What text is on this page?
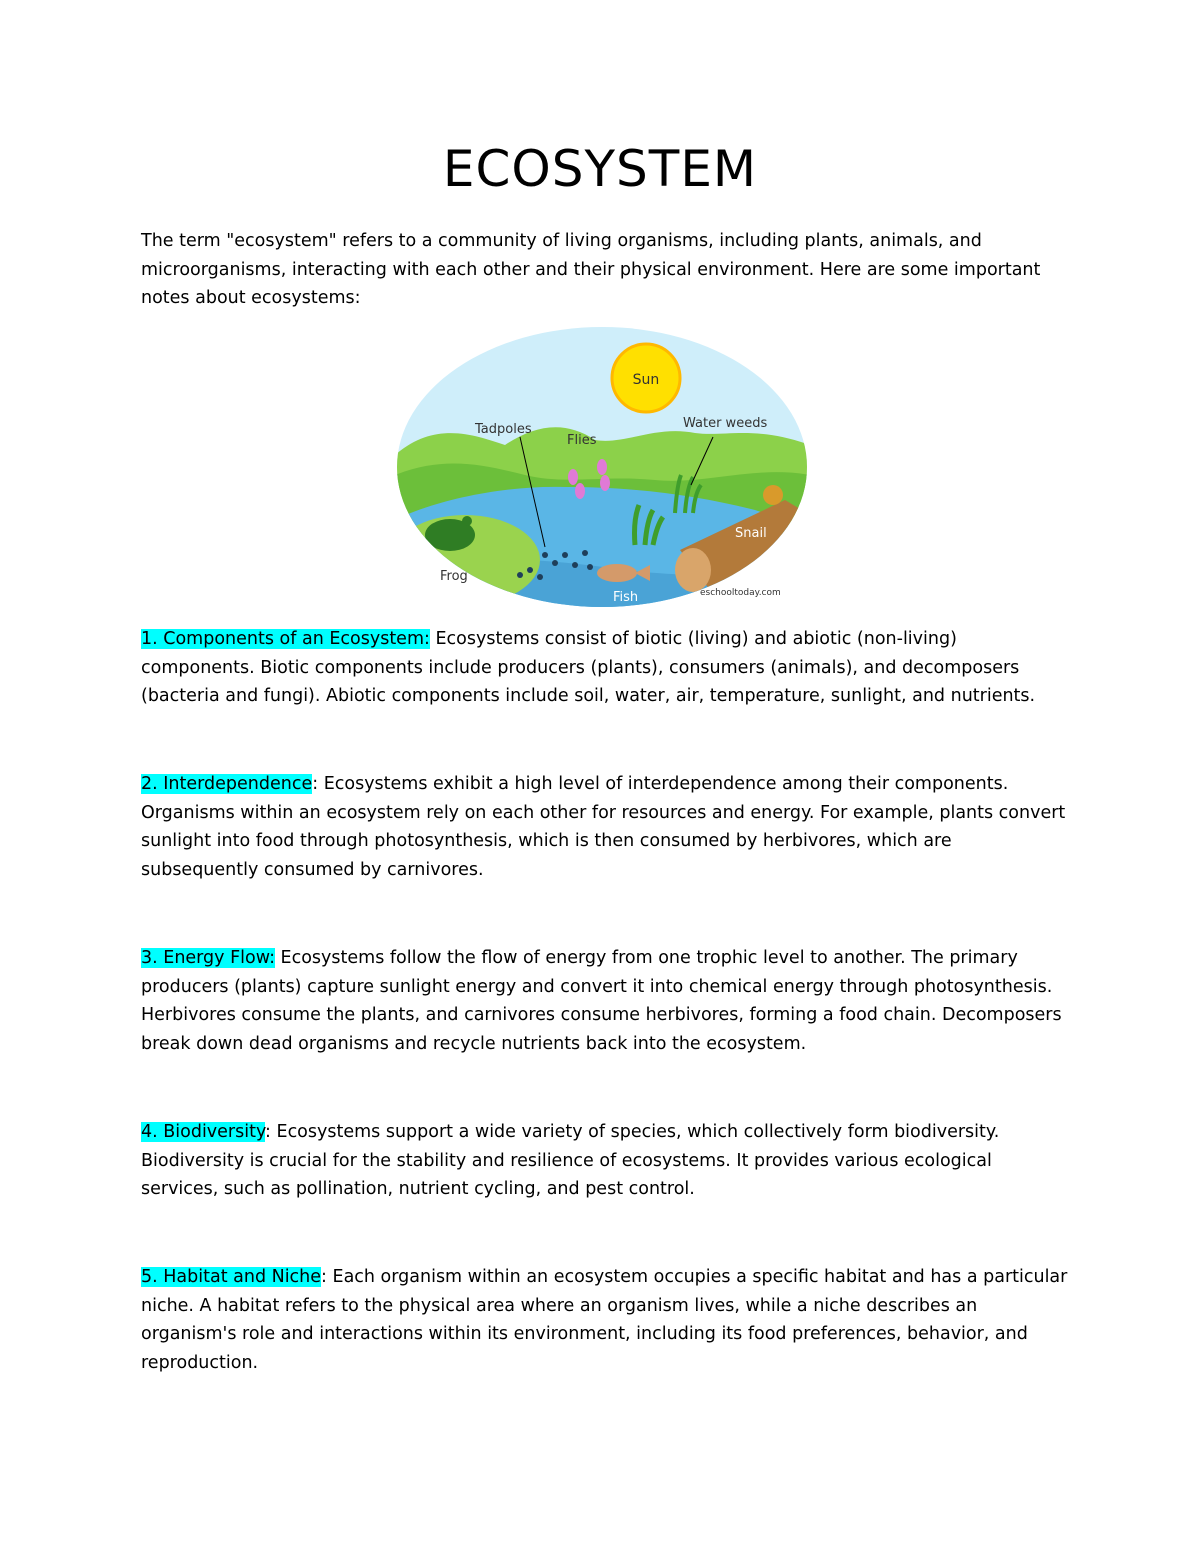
ECOSYSTEM

The term "ecosystem" refers to a community of living organisms, including plants, animals, and microorganisms, interacting with each other and their physical environment. Here are some important notes about ecosystems:

Sun
Tadpoles
Flies
Water weeds
Snail
Frog
Fish	eschooltoday.com

1. Components of an Ecosystem: Ecosystems consist of biotic (living) and abiotic (non-living) components. Biotic components include producers (plants), consumers (animals), and decomposers (bacteria and fungi). Abiotic components include soil, water, air, temperature, sunlight, and nutrients.

2. Interdependence: Ecosystems exhibit a high level of interdependence among their components. Organisms within an ecosystem rely on each other for resources and energy. For example, plants convert sunlight into food through photosynthesis, which is then consumed by herbivores, which are subsequently consumed by carnivores.

3. Energy Flow: Ecosystems follow the flow of energy from one trophic level to another. The primary producers (plants) capture sunlight energy and convert it into chemical energy through photosynthesis. Herbivores consume the plants, and carnivores consume herbivores, forming a food chain. Decomposers break down dead organisms and recycle nutrients back into the ecosystem.

4. Biodiversity: Ecosystems support a wide variety of species, which collectively form biodiversity. Biodiversity is crucial for the stability and resilience of ecosystems. It provides various ecological services, such as pollination, nutrient cycling, and pest control.

5. Habitat and Niche: Each organism within an ecosystem occupies a specific habitat and has a particular niche. A habitat refers to the physical area where an organism lives, while a niche describes an organism's role and interactions within its environment, including its food preferences, behavior, and reproduction.
